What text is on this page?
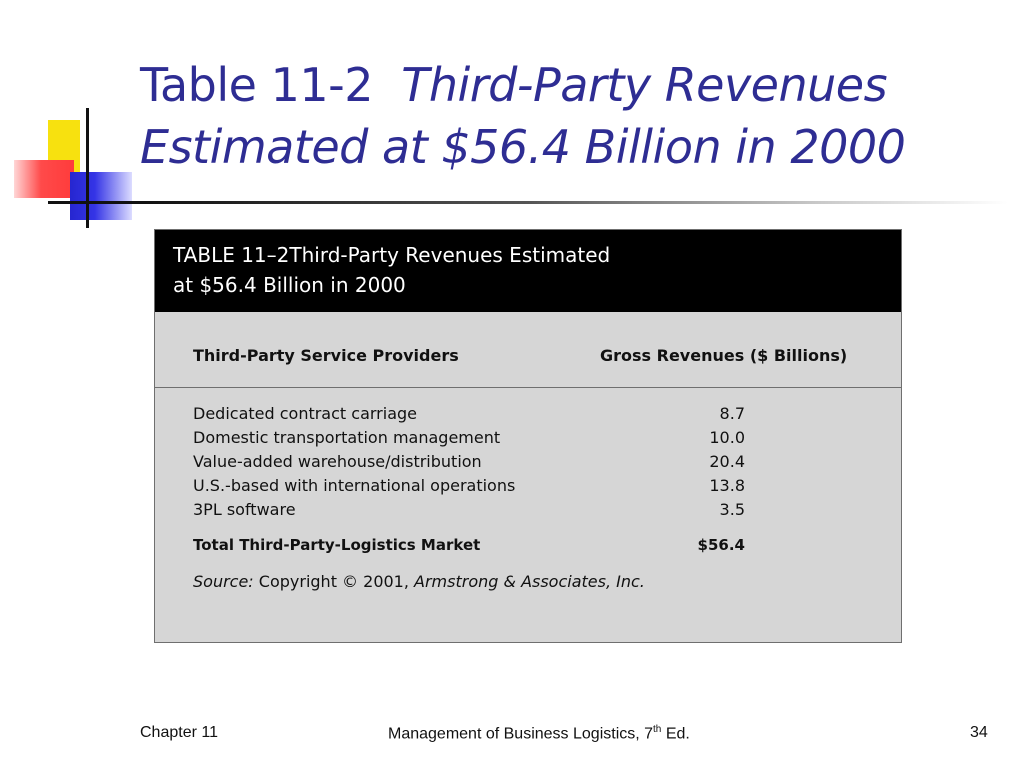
Table 11-2 Third-Party Revenues
Estimated at $56.4 Billion in 2000
TABLE 11–2Third-Party Revenues Estimated
at $56.4 Billion in 2000
Third-Party Service Providers	Gross Revenues ($ Billions)
Dedicated contract carriage	8.7
Domestic transportation management	10.0
Value-added warehouse/distribution	20.4
U.S.-based with international operations	13.8
3PL software	3.5
Total Third-Party-Logistics Market	$56.4
Source: Copyright © 2001, Armstrong & Associates, Inc.
Chapter 11	Management of Business Logistics, 7th Ed.	34
